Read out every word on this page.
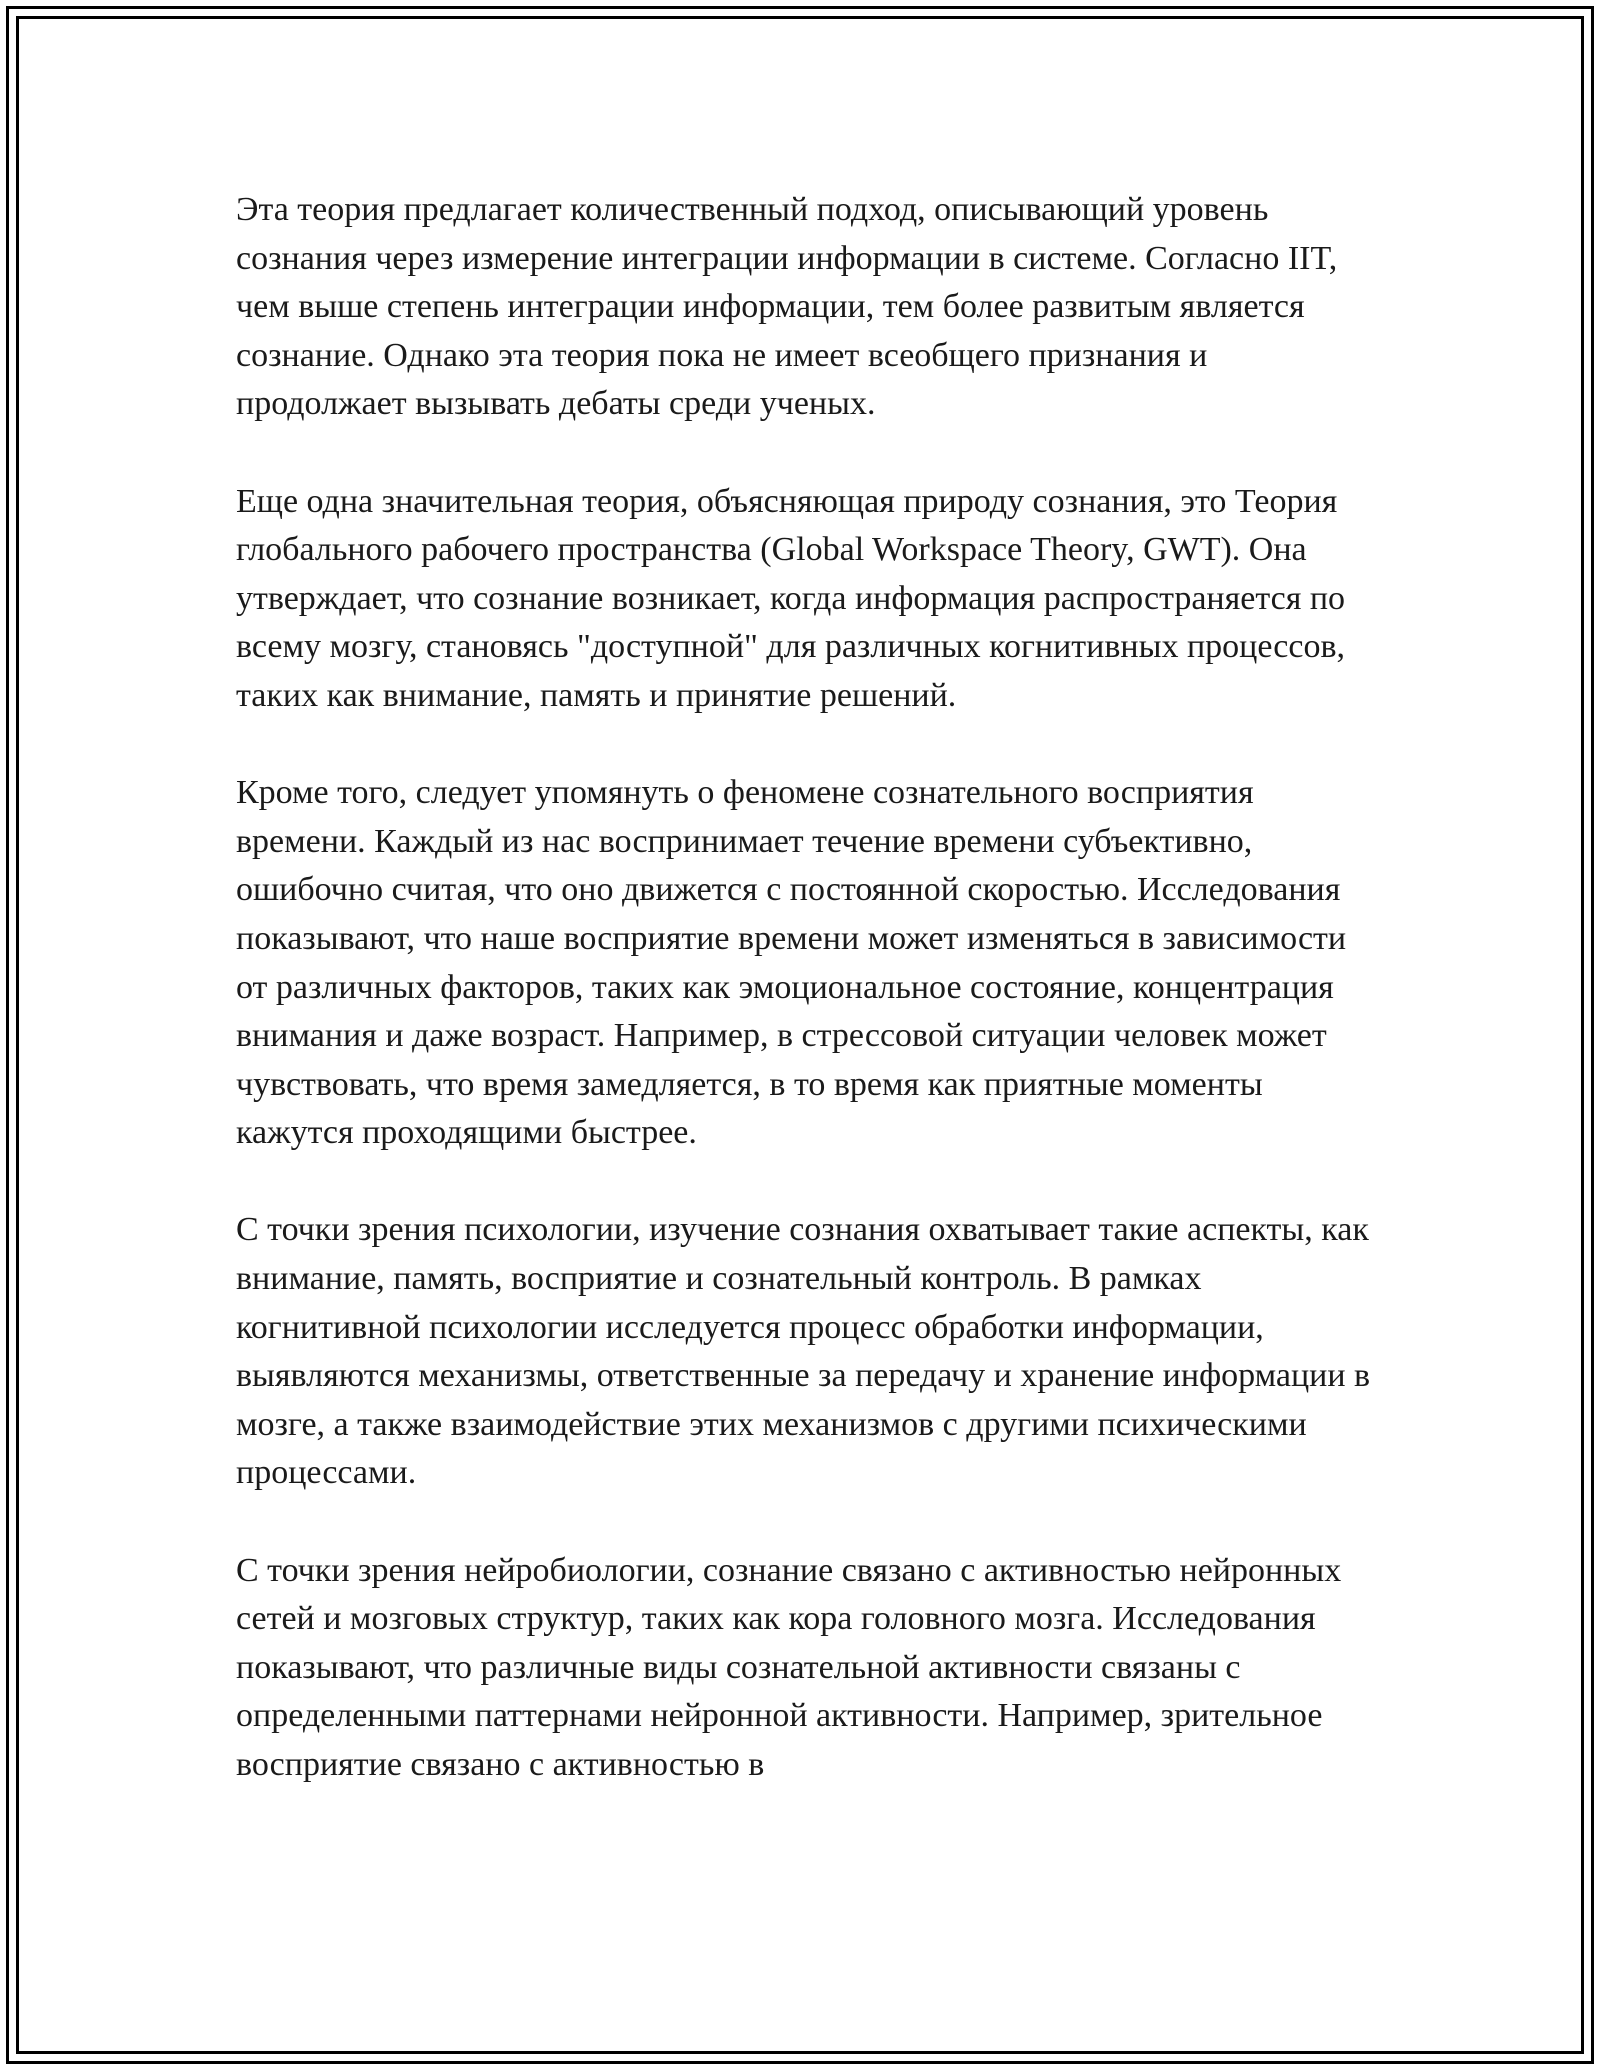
Эта теория предлагает количественный подход, описывающий уровень сознания через измерение интеграции информации в системе. Согласно IIT, чем выше степень интеграции информации, тем более развитым является сознание. Однако эта теория пока не имеет всеобщего признания и продолжает вызывать дебаты среди ученых.

Еще одна значительная теория, объясняющая природу сознания, это Теория глобального рабочего пространства (Global Workspace Theory, GWT). Она утверждает, что сознание возникает, когда информация распространяется по всему мозгу, становясь "доступной" для различных когнитивных процессов, таких как внимание, память и принятие решений.

Кроме того, следует упомянуть о феномене сознательного восприятия времени. Каждый из нас воспринимает течение времени субъективно, ошибочно считая, что оно движется с постоянной скоростью. Исследования показывают, что наше восприятие времени может изменяться в зависимости от различных факторов, таких как эмоциональное состояние, концентрация внимания и даже возраст. Например, в стрессовой ситуации человек может чувствовать, что время замедляется, в то время как приятные моменты кажутся проходящими быстрее.

С точки зрения психологии, изучение сознания охватывает такие аспекты, как внимание, память, восприятие и сознательный контроль. В рамках когнитивной психологии исследуется процесс обработки информации, выявляются механизмы, ответственные за передачу и хранение информации в мозге, а также взаимодействие этих механизмов с другими психическими процессами.

С точки зрения нейробиологии, сознание связано с активностью нейронных сетей и мозговых структур, таких как кора головного мозга. Исследования показывают, что различные виды сознательной активности связаны с определенными паттернами нейронной активности. Например, зрительное восприятие связано с активностью в
